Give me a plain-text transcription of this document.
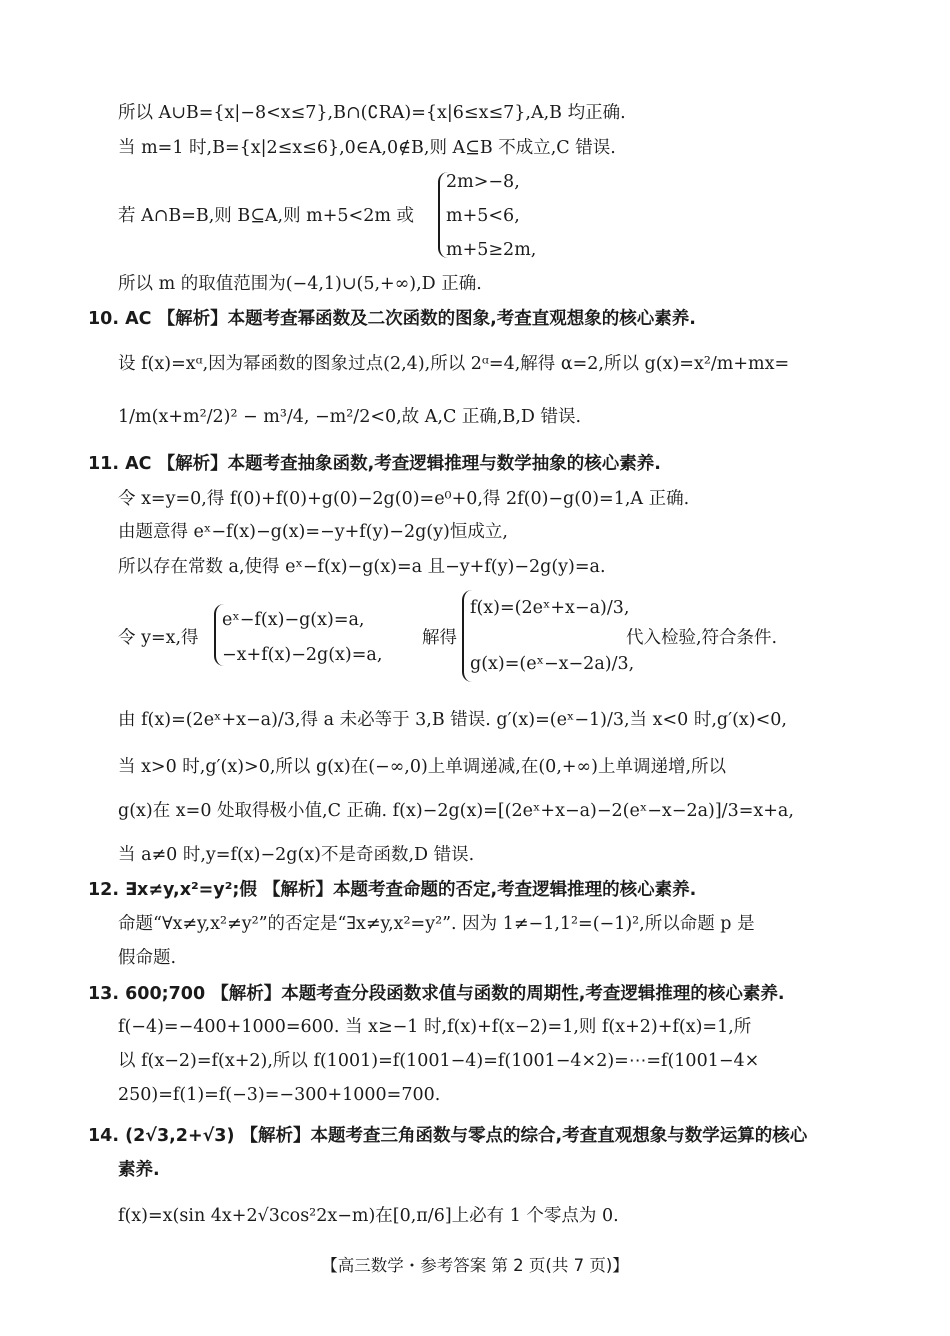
所以 A∪B={x|−8<x≤7},B∩(∁RA)={x|6≤x≤7},A,B 均正确.
当 m=1 时,B={x|2≤x≤6},0∈A,0∉B,则 A⊆B 不成立,C 错误.
若 A∩B=B,则 B⊆A,则 m+5<2m 或
2m>−8,
m+5<6,
m+5≥2m,
所以 m 的取值范围为(−4,1)∪(5,+∞),D 正确.
10. AC 【解析】本题考查幂函数及二次函数的图象,考查直观想象的核心素养.
设 f(x)=xᵅ,因为幂函数的图象过点(2,4),所以 2ᵅ=4,解得 α=2,所以 g(x)=x²/m+mx=
1/m(x+m²/2)² − m³/4, −m²/2<0,故 A,C 正确,B,D 错误.
11. AC 【解析】本题考查抽象函数,考查逻辑推理与数学抽象的核心素养.
令 x=y=0,得 f(0)+f(0)+g(0)−2g(0)=e⁰+0,得 2f(0)−g(0)=1,A 正确.
由题意得 eˣ−f(x)−g(x)=−y+f(y)−2g(y)恒成立,
所以存在常数 a,使得 eˣ−f(x)−g(x)=a 且−y+f(y)−2g(y)=a.
令 y=x,得
eˣ−f(x)−g(x)=a,
−x+f(x)−2g(x)=a,
解得
f(x)=(2eˣ+x−a)/3,
g(x)=(eˣ−x−2a)/3,
代入检验,符合条件.
由 f(x)=(2eˣ+x−a)/3,得 a 未必等于 3,B 错误. g′(x)=(eˣ−1)/3,当 x<0 时,g′(x)<0,
当 x>0 时,g′(x)>0,所以 g(x)在(−∞,0)上单调递减,在(0,+∞)上单调递增,所以
g(x)在 x=0 处取得极小值,C 正确. f(x)−2g(x)=[(2eˣ+x−a)−2(eˣ−x−2a)]/3=x+a,
当 a≠0 时,y=f(x)−2g(x)不是奇函数,D 错误.
12. ∃x≠y,x²=y²;假 【解析】本题考查命题的否定,考查逻辑推理的核心素养.
命题“∀x≠y,x²≠y²”的否定是“∃x≠y,x²=y²”. 因为 1≠−1,1²=(−1)²,所以命题 p 是
假命题.
13. 600;700 【解析】本题考查分段函数求值与函数的周期性,考查逻辑推理的核心素养.
f(−4)=−400+1000=600. 当 x≥−1 时,f(x)+f(x−2)=1,则 f(x+2)+f(x)=1,所
以 f(x−2)=f(x+2),所以 f(1001)=f(1001−4)=f(1001−4×2)=⋯=f(1001−4×
250)=f(1)=f(−3)=−300+1000=700.
14. (2√3,2+√3) 【解析】本题考查三角函数与零点的综合,考查直观想象与数学运算的核心
素养.
f(x)=x(sin 4x+2√3cos²2x−m)在[0,π/6]上必有 1 个零点为 0.
【高三数学・参考答案 第 2 页(共 7 页)】
